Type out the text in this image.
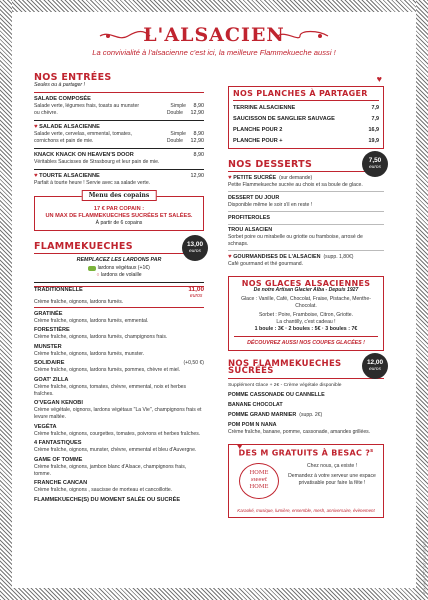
L'ALSACIEN
La convivialité à l'alsacienne c'est ici, la meilleure Flammekueche aussi !
NOS ENTRÉES
Seules ou à partager !
SALADE COMPOSÉE
Salade verte, légumes frais, toasts au munster ou chèvre.
Simple 8,90
Double 12,90
♥ SALADE ALSACIENNE
Salade verte, cervelas, emmental, tomates, cornichons et pain de mie.
Simple 8,90
Double 12,90
KNACK KNACK ON HEAVEN'S DOOR	8,90
Véritables Saucisses de Strasbourg et leur pain de mie.
♥ TOURTE ALSACIENNE	12,90
Parfait à tourte heure ! Servie avec sa salade verte.
Menu des copains
17 € PAR COPAIN :
UN MAX DE FLAMMEKUECHES SUCRÉES ET SALÉES.
À partir de 6 copains
FLAMMEKUECHES	13,00
euros
REMPLACEZ LES LARDONS PAR
lardons végétaux (+1€)
○ lardons de volaille
TRADITIONNELLE	11,00
euros
Crème fraîche, oignons, lardons fumés.
GRATINÉE
Crème fraîche, oignons, lardons fumés, emmental.
FORESTIÈRE
Crème fraîche, oignons, lardons fumés, champignons frais.
MUNSTER
Crème fraîche, oignons, lardons fumés, munster.
SOLIDAIRE	(+0,50 €)
Crème fraîche, oignons, lardons fumés, pommes, chèvre et miel.
GOAT' ZILLA
Crème fraîche, oignons, tomates, chèvre, emmental, noix et herbes fraîches.
O'VEGAN KENOBI
Crème végétale, oignons, lardons végétaux "La Vie", champignons frais et levure maltée.
VEGÉTA
Crème fraîche, oignons, courgettes, tomates, poivrons et herbes fraîches.
4 FANTASTIQUES
Crème fraîche, oignons, munster, chèvre, emmental et bleu d'Auvergne.
GAME OF TOMME
Crème fraîche, oignons, jambon blanc d'Alsace, champignons frais, tomme.
FRANCHE CANCAN
Crème fraîche, oignons , saucisse de morteau et cancoillotte.
FLAMMEKUECHE(S) DU MOMENT SALÉE OU SUCRÉE
♥
NOS PLANCHES À PARTAGER
TERRINE ALSACIENNE	7,9
SAUCISSON DE SANGLIER SAUVAGE	7,9
PLANCHE POUR 2	16,9
PLANCHE POUR +	19,9
NOS DESSERTS	7,50
euros
♥ PETITE SUCRÉE (sur demande)
Petite Flammekueche sucrée au choix et sa boule de glace.
DESSERT DU JOUR
Disponible même le soir s'il en reste !
PROFITEROLES
TROU ALSACIEN
Sorbet poire ou mirabelle ou griotte ou framboise, arrosé de schnaps.
♥ GOURMANDISES DE L'ALSACIEN (supp. 1,80€)
Café gourmand et thé gourmand.
NOS GLACES ALSACIENNES
De notre Artisan Glacier Alba - Depuis 1927
Glace : Vanille, Café, Chocolat, Fraise, Pistache, Menthe-Chocolat.
Sorbet : Poire, Framboise, Citron, Griotte.
La chantilly, c'est cadeau !
1 boule : 3€ · 2 boules : 5€ · 3 boules : 7€
DÉCOUVREZ AUSSI NOS COUPES GLACÉES !
NOS FLAMMEKUECHES SUCRÉES
12,00
euros
Supplément Glace + 2€ - Crème végétale disponible
POMME CASSONADE OU CANNELLE
BANANE CHOCOLAT
POMME GRAND MARNIER (supp. 2€)
POM POM N NANA
Crème fraîche, banane, pomme, cassonade, amandes grillées.
♥
DES M GRATUITS À BESAC ?$^s$
HOME
sweet
HOME
Chez nous, ça existe !
Demandez à votre serveur une espace privatisable pour faire la fête !
Karaoké, musique, lumière, ensemble, mesh, anniversaire, évènement
Prix nets TTC, service compris
